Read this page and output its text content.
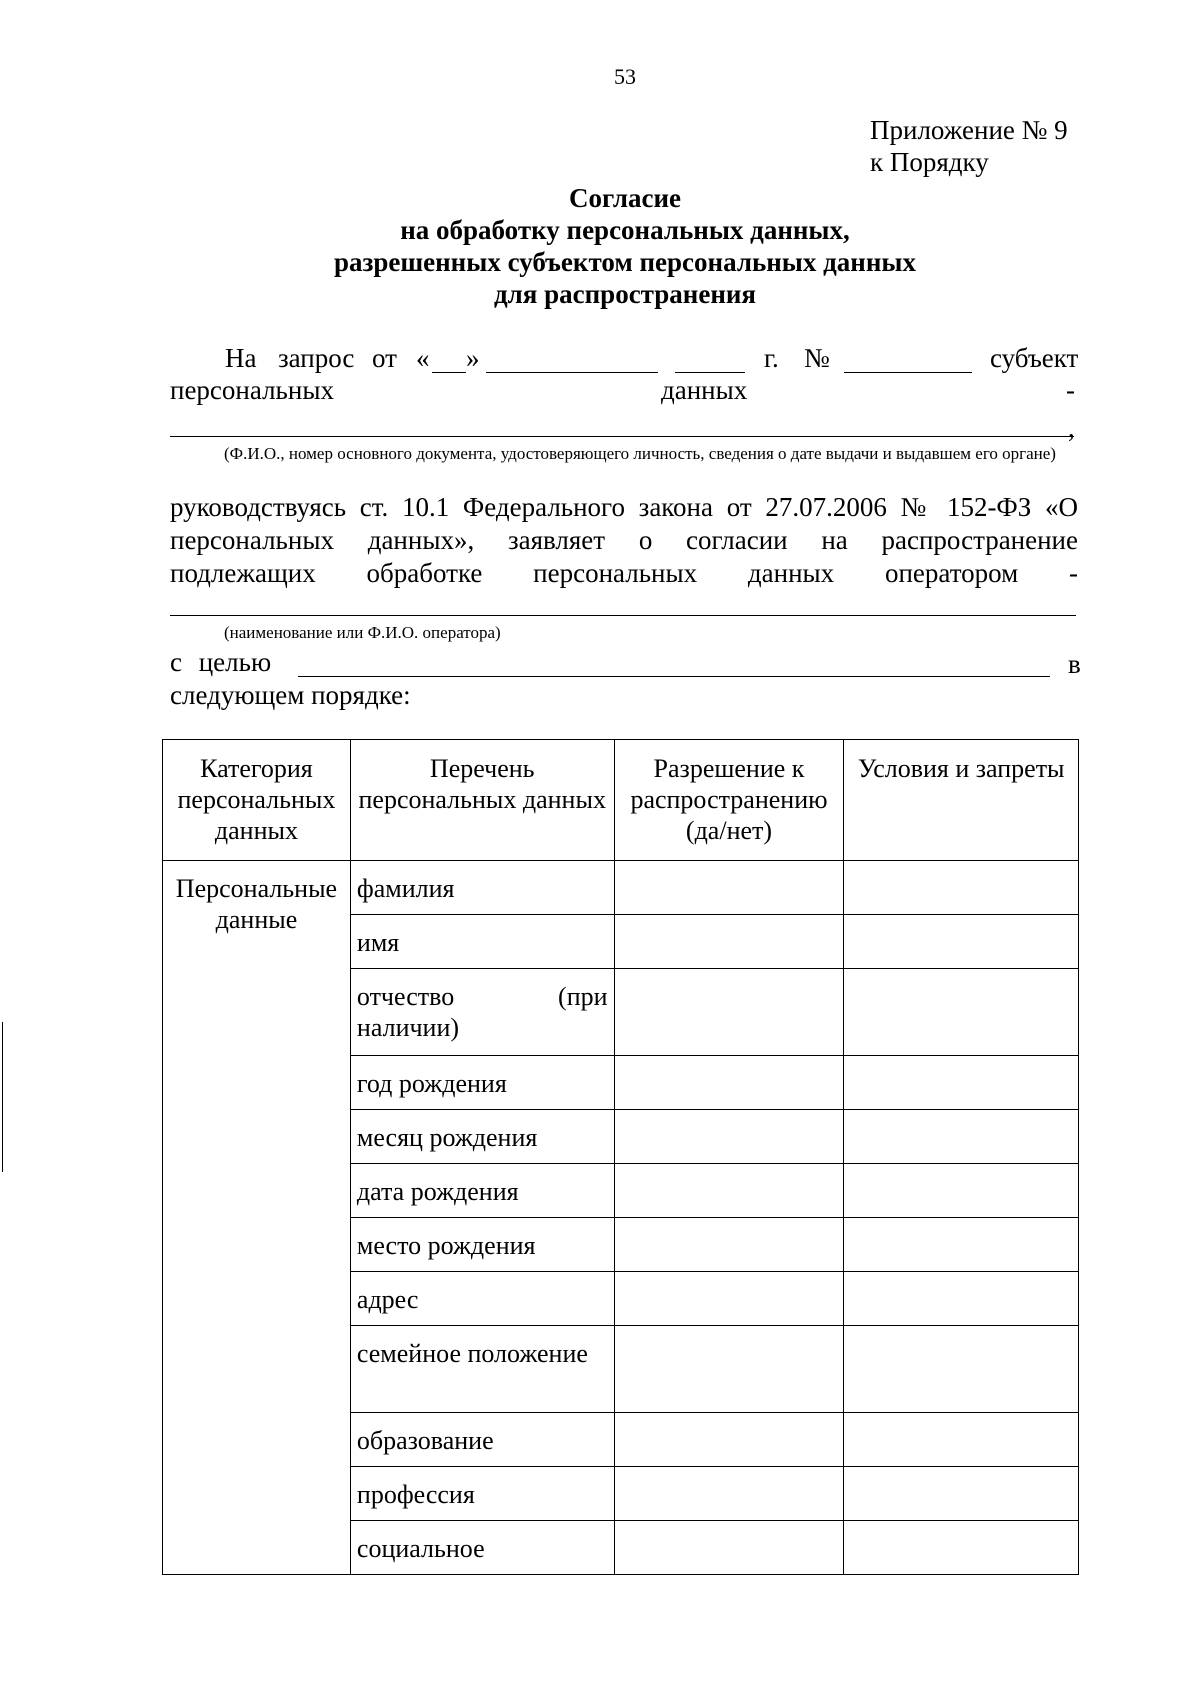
53
Приложение № 9
к Порядку
Согласие
на обработку персональных данных,
разрешенных субъектом персональных данных
для распространения
На запрос от « »	г. №	субъект
персональных	данных	-
,
(Ф.И.О., номер основного документа, удостоверяющего личность, сведения о дате выдачи и выдавшем его органе)
руководствуясь ст. 10.1 Федерального закона от 27.07.2006 № 152-ФЗ «О
персональных данных», заявляет о согласии на распространение
подлежащих обработке персональных данных оператором -
(наименование или Ф.И.О. оператора)
с целью	в
следующем порядке:
Категория персональных данных	Перечень персональных данных	Разрешение к распространению (да/нет)	Условия и запреты
Персональные данные	фамилия		
	имя		
	отчество (при наличии)		
	год рождения		
	месяц рождения		
	дата рождения		
	место рождения		
	адрес		
	семейное положение		
	образование		
	профессия		
	социальное		
